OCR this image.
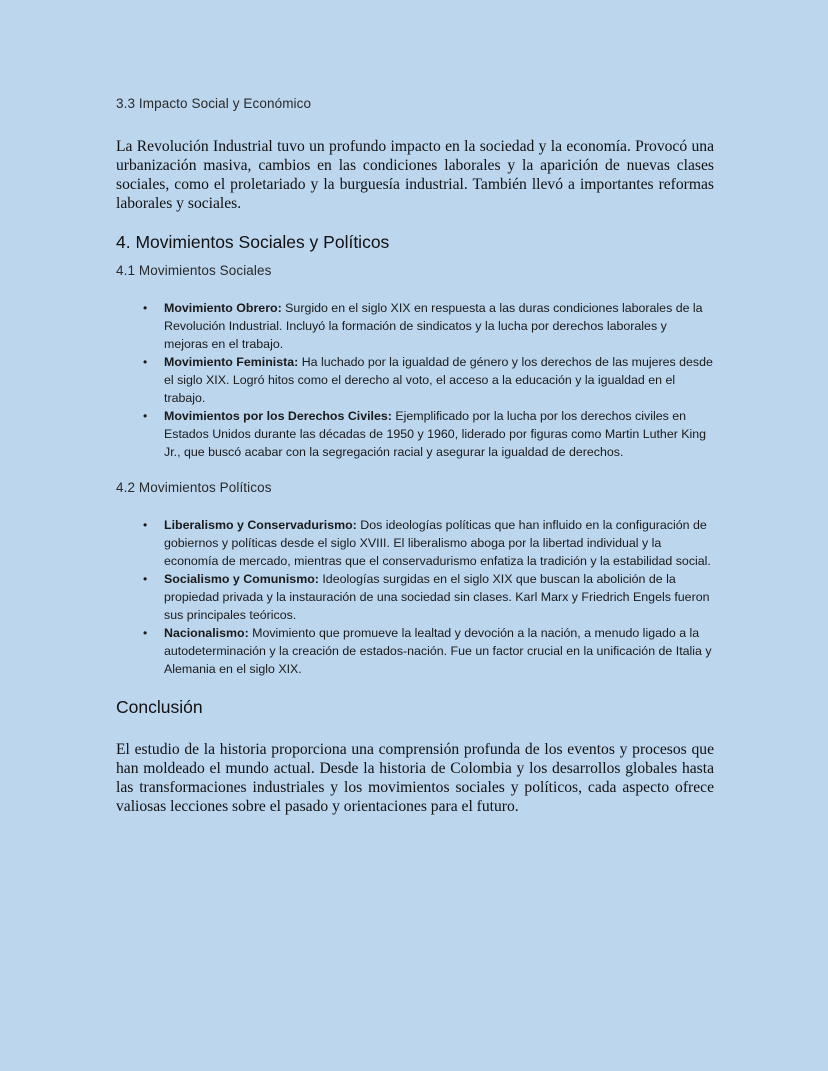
3.3 Impacto Social y Económico

La Revolución Industrial tuvo un profundo impacto en la sociedad y la economía. Provocó una urbanización masiva, cambios en las condiciones laborales y la aparición de nuevas clases sociales, como el proletariado y la burguesía industrial. También llevó a importantes reformas laborales y sociales.

4. Movimientos Sociales y Políticos

4.1 Movimientos Sociales

• Movimiento Obrero: Surgido en el siglo XIX en respuesta a las duras condiciones laborales de la Revolución Industrial. Incluyó la formación de sindicatos y la lucha por derechos laborales y mejoras en el trabajo.
• Movimiento Feminista: Ha luchado por la igualdad de género y los derechos de las mujeres desde el siglo XIX. Logró hitos como el derecho al voto, el acceso a la educación y la igualdad en el trabajo.
• Movimientos por los Derechos Civiles: Ejemplificado por la lucha por los derechos civiles en Estados Unidos durante las décadas de 1950 y 1960, liderado por figuras como Martin Luther King Jr., que buscó acabar con la segregación racial y asegurar la igualdad de derechos.

4.2 Movimientos Políticos

• Liberalismo y Conservadurismo: Dos ideologías políticas que han influido en la configuración de gobiernos y políticas desde el siglo XVIII. El liberalismo aboga por la libertad individual y la economía de mercado, mientras que el conservadurismo enfatiza la tradición y la estabilidad social.
• Socialismo y Comunismo: Ideologías surgidas en el siglo XIX que buscan la abolición de la propiedad privada y la instauración de una sociedad sin clases. Karl Marx y Friedrich Engels fueron sus principales teóricos.
• Nacionalismo: Movimiento que promueve la lealtad y devoción a la nación, a menudo ligado a la autodeterminación y la creación de estados-nación. Fue un factor crucial en la unificación de Italia y Alemania en el siglo XIX.
Conclusión

El estudio de la historia proporciona una comprensión profunda de los eventos y procesos que han moldeado el mundo actual. Desde la historia de Colombia y los desarrollos globales hasta las transformaciones industriales y los movimientos sociales y políticos, cada aspecto ofrece valiosas lecciones sobre el pasado y orientaciones para el futuro.
